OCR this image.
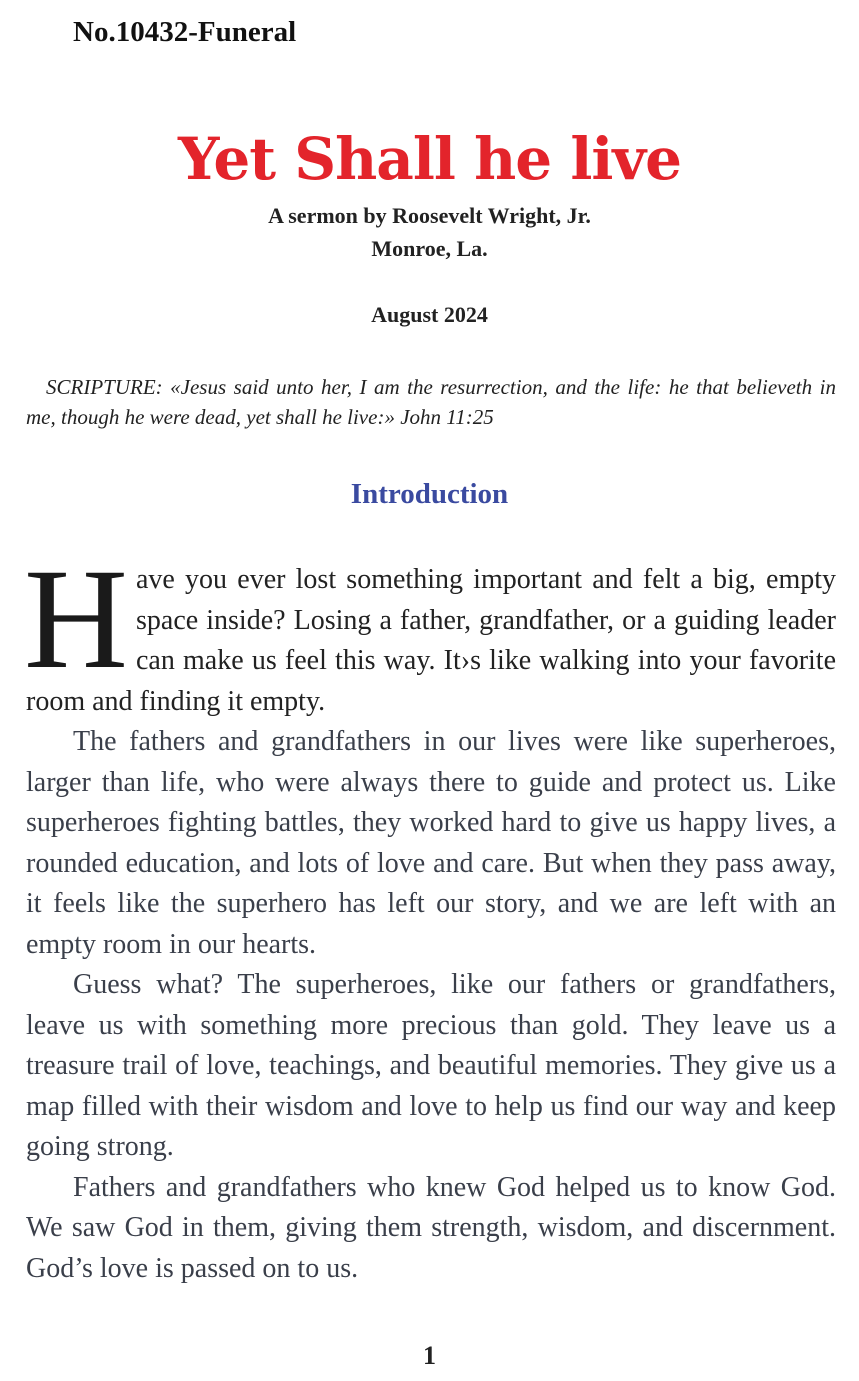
No.10432-Funeral
Yet Shall he live
A sermon by Roosevelt Wright, Jr.
Monroe, La.
August 2024
SCRIPTURE: «Jesus said unto her, I am the resurrection, and the life: he that believeth in me, though he were dead, yet shall he live:» John 11:25
Introduction

Have you ever lost something important and felt a big, empty space inside? Losing a father, grandfather, or a guiding leader can make us feel this way. It›s like walking into your favorite room and finding it empty.

The fathers and grandfathers in our lives were like superheroes, larger than life, who were always there to guide and protect us. Like superheroes fighting battles, they worked hard to give us happy lives, a rounded education, and lots of love and care. But when they pass away, it feels like the superhero has left our story, and we are left with an empty room in our hearts.

Guess what? The superheroes, like our fathers or grandfathers, leave us with something more precious than gold. They leave us a treasure trail of love, teachings, and beautiful memories. They give us a map filled with their wisdom and love to help us find our way and keep going strong.

Fathers and grandfathers who knew God helped us to know God. We saw God in them, giving them strength, wisdom, and discernment. God’s love is passed on to us.

1
